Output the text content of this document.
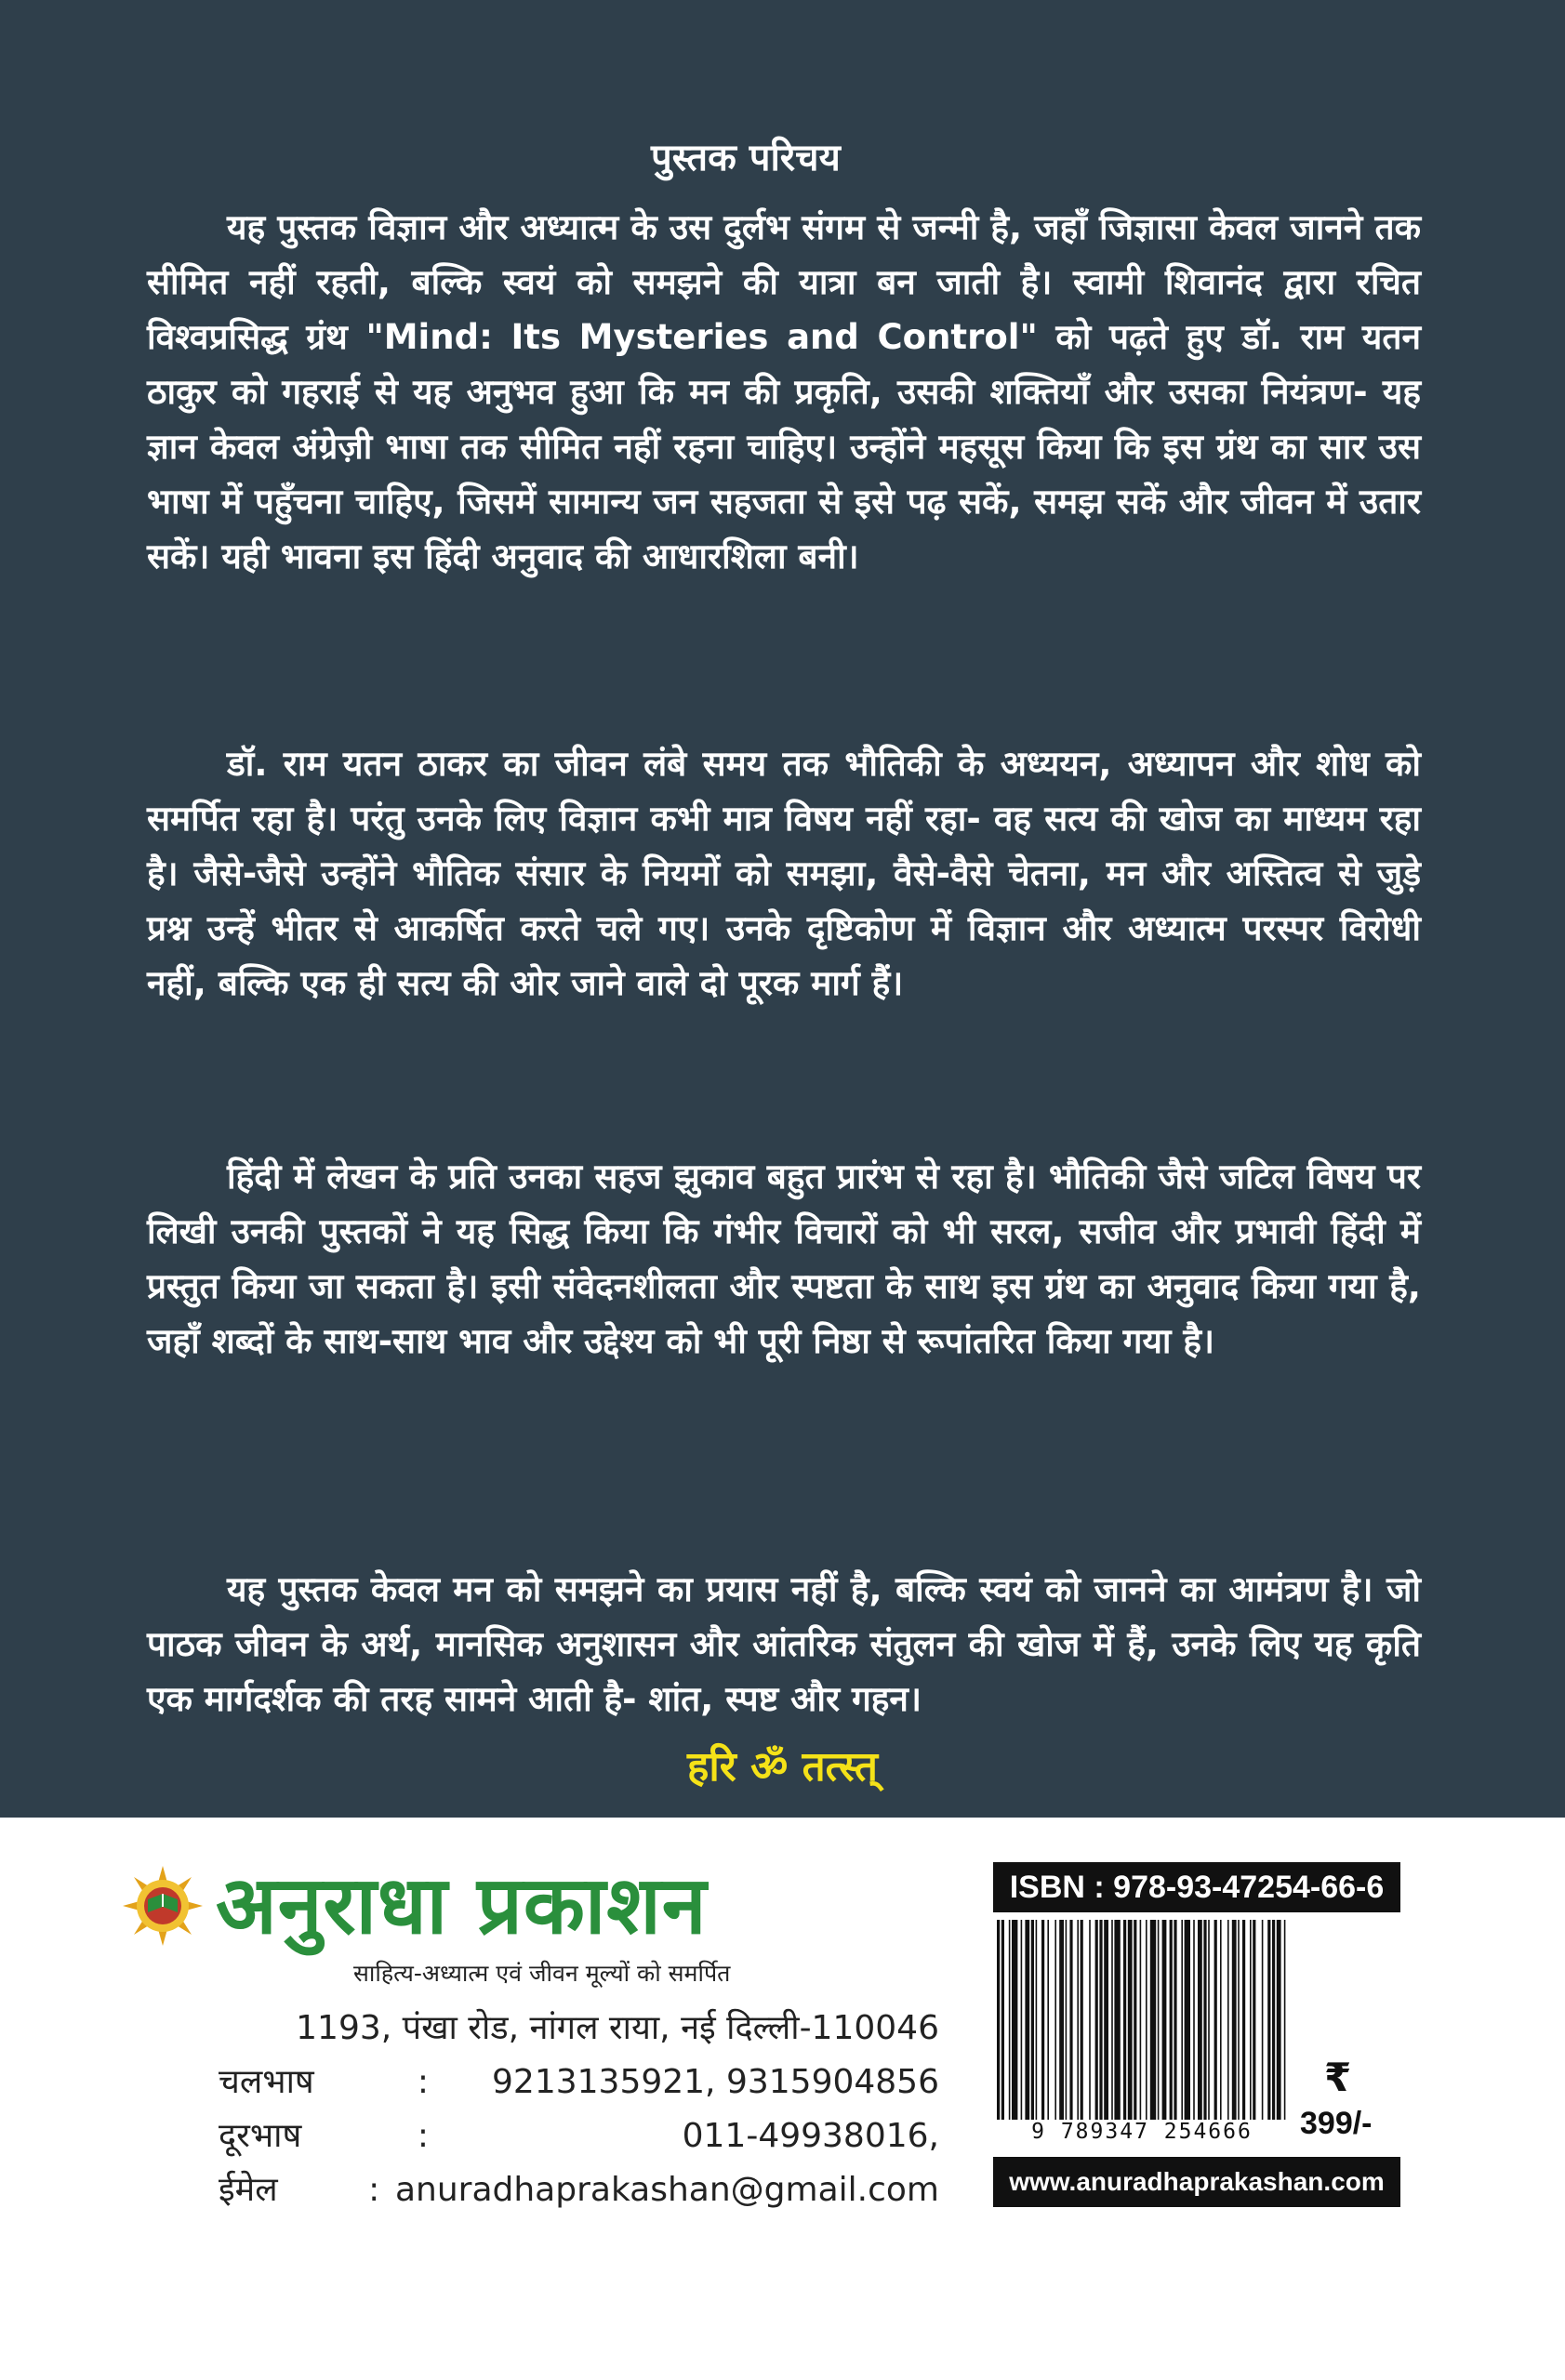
पुस्तक परिचय

यह पुस्तक विज्ञान और अध्यात्म के उस दुर्लभ संगम से जन्मी है, जहाँ जिज्ञासा केवल जानने तक सीमित नहीं रहती, बल्कि स्वयं को समझने की यात्रा बन जाती है। स्वामी शिवानंद द्वारा रचित विश्वप्रसिद्ध ग्रंथ "Mind: Its Mysteries and Control" को पढ़ते हुए डॉ. राम यतन ठाकुर को गहराई से यह अनुभव हुआ कि मन की प्रकृति, उसकी शक्तियाँ और उसका नियंत्रण- यह ज्ञान केवल अंग्रेज़ी भाषा तक सीमित नहीं रहना चाहिए। उन्होंने महसूस किया कि इस ग्रंथ का सार उस भाषा में पहुँचना चाहिए, जिसमें सामान्य जन सहजता से इसे पढ़ सकें, समझ सकें और जीवन में उतार सकें। यही भावना इस हिंदी अनुवाद की आधारशिला बनी।

डॉ. राम यतन ठाकर का जीवन लंबे समय तक भौतिकी के अध्ययन, अध्यापन और शोध को समर्पित रहा है। परंतु उनके लिए विज्ञान कभी मात्र विषय नहीं रहा- वह सत्य की खोज का माध्यम रहा है। जैसे-जैसे उन्होंने भौतिक संसार के नियमों को समझा, वैसे-वैसे चेतना, मन और अस्तित्व से जुड़े प्रश्न उन्हें भीतर से आकर्षित करते चले गए। उनके दृष्टिकोण में विज्ञान और अध्यात्म परस्पर विरोधी नहीं, बल्कि एक ही सत्य की ओर जाने वाले दो पूरक मार्ग हैं।

हिंदी में लेखन के प्रति उनका सहज झुकाव बहुत प्रारंभ से रहा है। भौतिकी जैसे जटिल विषय पर लिखी उनकी पुस्तकों ने यह सिद्ध किया कि गंभीर विचारों को भी सरल, सजीव और प्रभावी हिंदी में प्रस्तुत किया जा सकता है। इसी संवेदनशीलता और स्पष्टता के साथ इस ग्रंथ का अनुवाद किया गया है, जहाँ शब्दों के साथ-साथ भाव और उद्देश्य को भी पूरी निष्ठा से रूपांतरित किया गया है।

यह पुस्तक केवल मन को समझने का प्रयास नहीं है, बल्कि स्वयं को जानने का आमंत्रण है। जो पाठक जीवन के अर्थ, मानसिक अनुशासन और आंतरिक संतुलन की खोज में हैं, उनके लिए यह कृति एक मार्गदर्शक की तरह सामने आती है- शांत, स्पष्ट और गहन।

हरि ॐ तत्स्त्
अनुराधा प्रकाशन
साहित्य-अध्यात्म एवं जीवन मूल्यों को समर्पित
1193, पंखा रोड, नांगल राया, नई दिल्ली-110046
चलभाष	:	9213135921, 9315904856
दूरभाष	:	011-49938016,
ईमेल	: anuradhaprakashan@gmail.com
ISBN : 978-93-47254-66-6
9 789347 254666
₹
399/-
www.anuradhaprakashan.com
